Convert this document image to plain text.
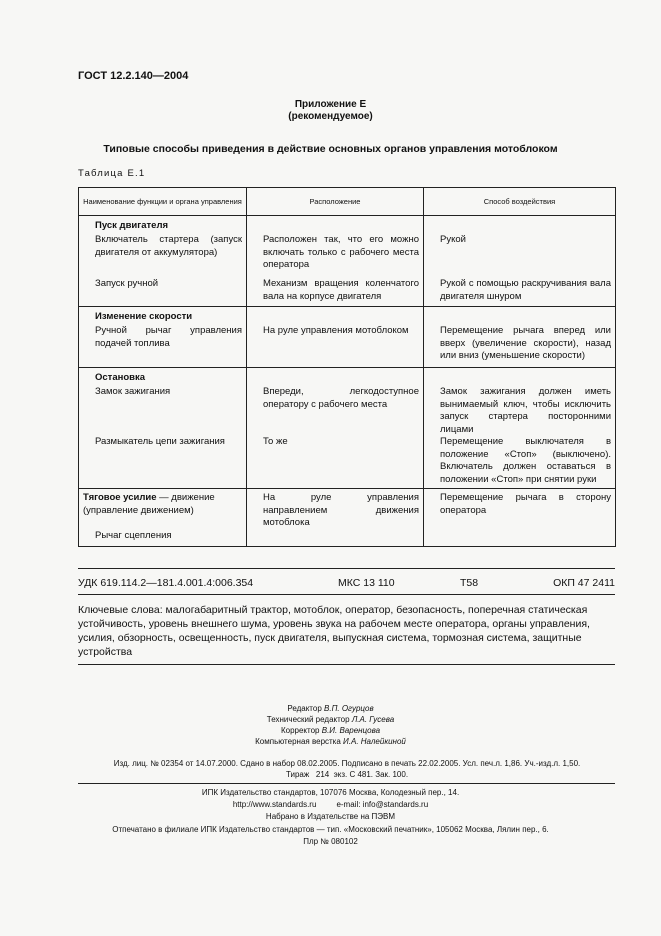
ГОСТ 12.2.140—2004
Приложение Е
(рекомендуемое)
Типовые способы приведения в действие основных органов управления мотоблоком
Таблица Е.1
Наименование функции и органа управления	Расположение	Способ воздействия
Пуск двигателя		
Включатель стартера (запуск двигателя от аккумулятора)	Расположен так, что его можно включать только с рабочего места оператора	Рукой
Запуск ручной	Механизм вращения коленчатого вала на корпусе двигателя	Рукой с помощью раскручивания вала двигателя шнуром
Изменение скорости		
Ручной рычаг управления подачей топлива	На руле управления мотоблоком	Перемещение рычага вперед или вверх (увеличение скорости), назад или вниз (уменьшение скорости)
Остановка		
Замок зажигания	Впереди, легкодоступное оператору с рабочего места	Замок зажигания должен иметь вынимаемый ключ, чтобы исключить запуск стартера посторонними лицами
Размыкатель цепи зажигания	То же	Перемещение выключателя в положение «Стоп» (выключено). Включатель должен оставаться в положении «Стоп» при снятии руки
Тяговое усилие — движение (управление движением)	На руле управления направлением движения мотоблока	Перемещение рычага в сторону оператора
Рычаг сцепления		
УДК 619.114.2—181.4.001.4:006.354	МКС 13 110	Т58	ОКП 47 2411
Ключевые слова: малогабаритный трактор, мотоблок, оператор, безопасность, поперечная статическая устойчивость, уровень внешнего шума, уровень звука на рабочем месте оператора, органы управления, усилия, обзорность, освещенность, пуск двигателя, выпускная система, тормозная система, защитные устройства
Редактор В.П. Огурцов
Технический редактор Л.А. Гусева
Корректор В.И. Варенцова
Компьютерная верстка И.А. Налейкиной
Изд. лиц. № 02354 от 14.07.2000. Сдано в набор 08.02.2005. Подписано в печать 22.02.2005. Усл. печ.л. 1,86. Уч.-изд.л. 1,50.
Тираж   214  экз. С 481. Зак. 100.
ИПК Издательство стандартов, 107076 Москва, Колодезный пер., 14.
http://www.standards.ru	e-mail: info@standards.ru
Набрано в Издательстве на ПЭВМ
Отпечатано в филиале ИПК Издательство стандартов — тип. «Московский печатник», 105062 Москва, Лялин пер., 6.
Плр № 080102
